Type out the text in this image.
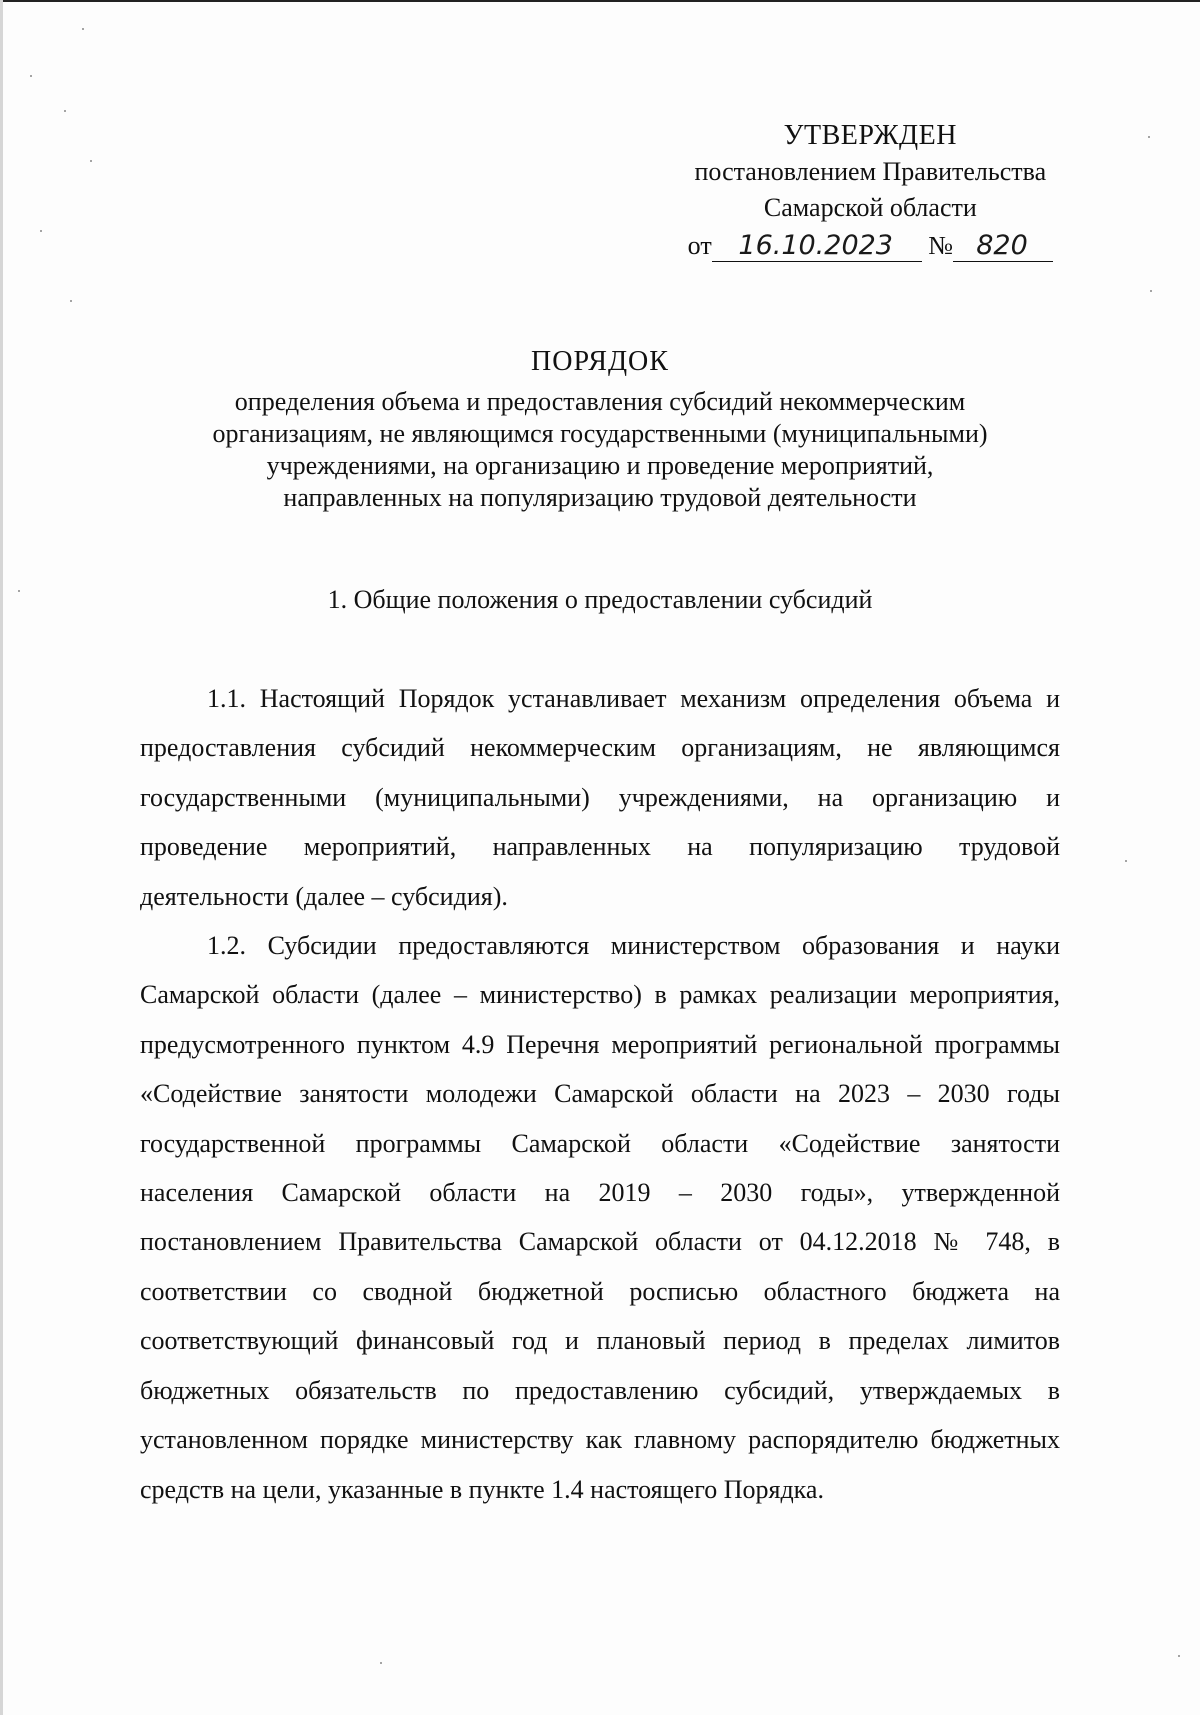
УТВЕРЖДЕН
постановлением Правительства
Самарской области
от 16.10.2023 № 820
ПОРЯДОК
определения объема и предоставления субсидий некоммерческим
организациям, не являющимся государственными (муниципальными)
учреждениями, на организацию и проведение мероприятий,
направленных на популяризацию трудовой деятельности
1. Общие положения о предоставлении субсидий

1.1. Настоящий Порядок устанавливает механизм определения объема и предоставления субсидий некоммерческим организациям, не являющимся государственными (муниципальными) учреждениями, на организацию и проведение мероприятий, направленных на популяризацию трудовой деятельности (далее – субсидия).

1.2. Субсидии предоставляются министерством образования и науки Самарской области (далее – министерство) в рамках реализации мероприятия, предусмотренного пунктом 4.9 Перечня мероприятий региональной программы «Содействие занятости молодежи Самарской области на 2023 – 2030 годы государственной программы Самарской области «Содействие занятости населения Самарской области на 2019 – 2030 годы», утвержденной постановлением Правительства Самарской области от 04.12.2018 № 748, в соответствии со сводной бюджетной росписью областного бюджета на соответствующий финансовый год и плановый период в пределах лимитов бюджетных обязательств по предоставлению субсидий, утверждаемых в установленном порядке министерству как главному распорядителю бюджетных средств на цели, указанные в пункте 1.4 настоящего Порядка.
